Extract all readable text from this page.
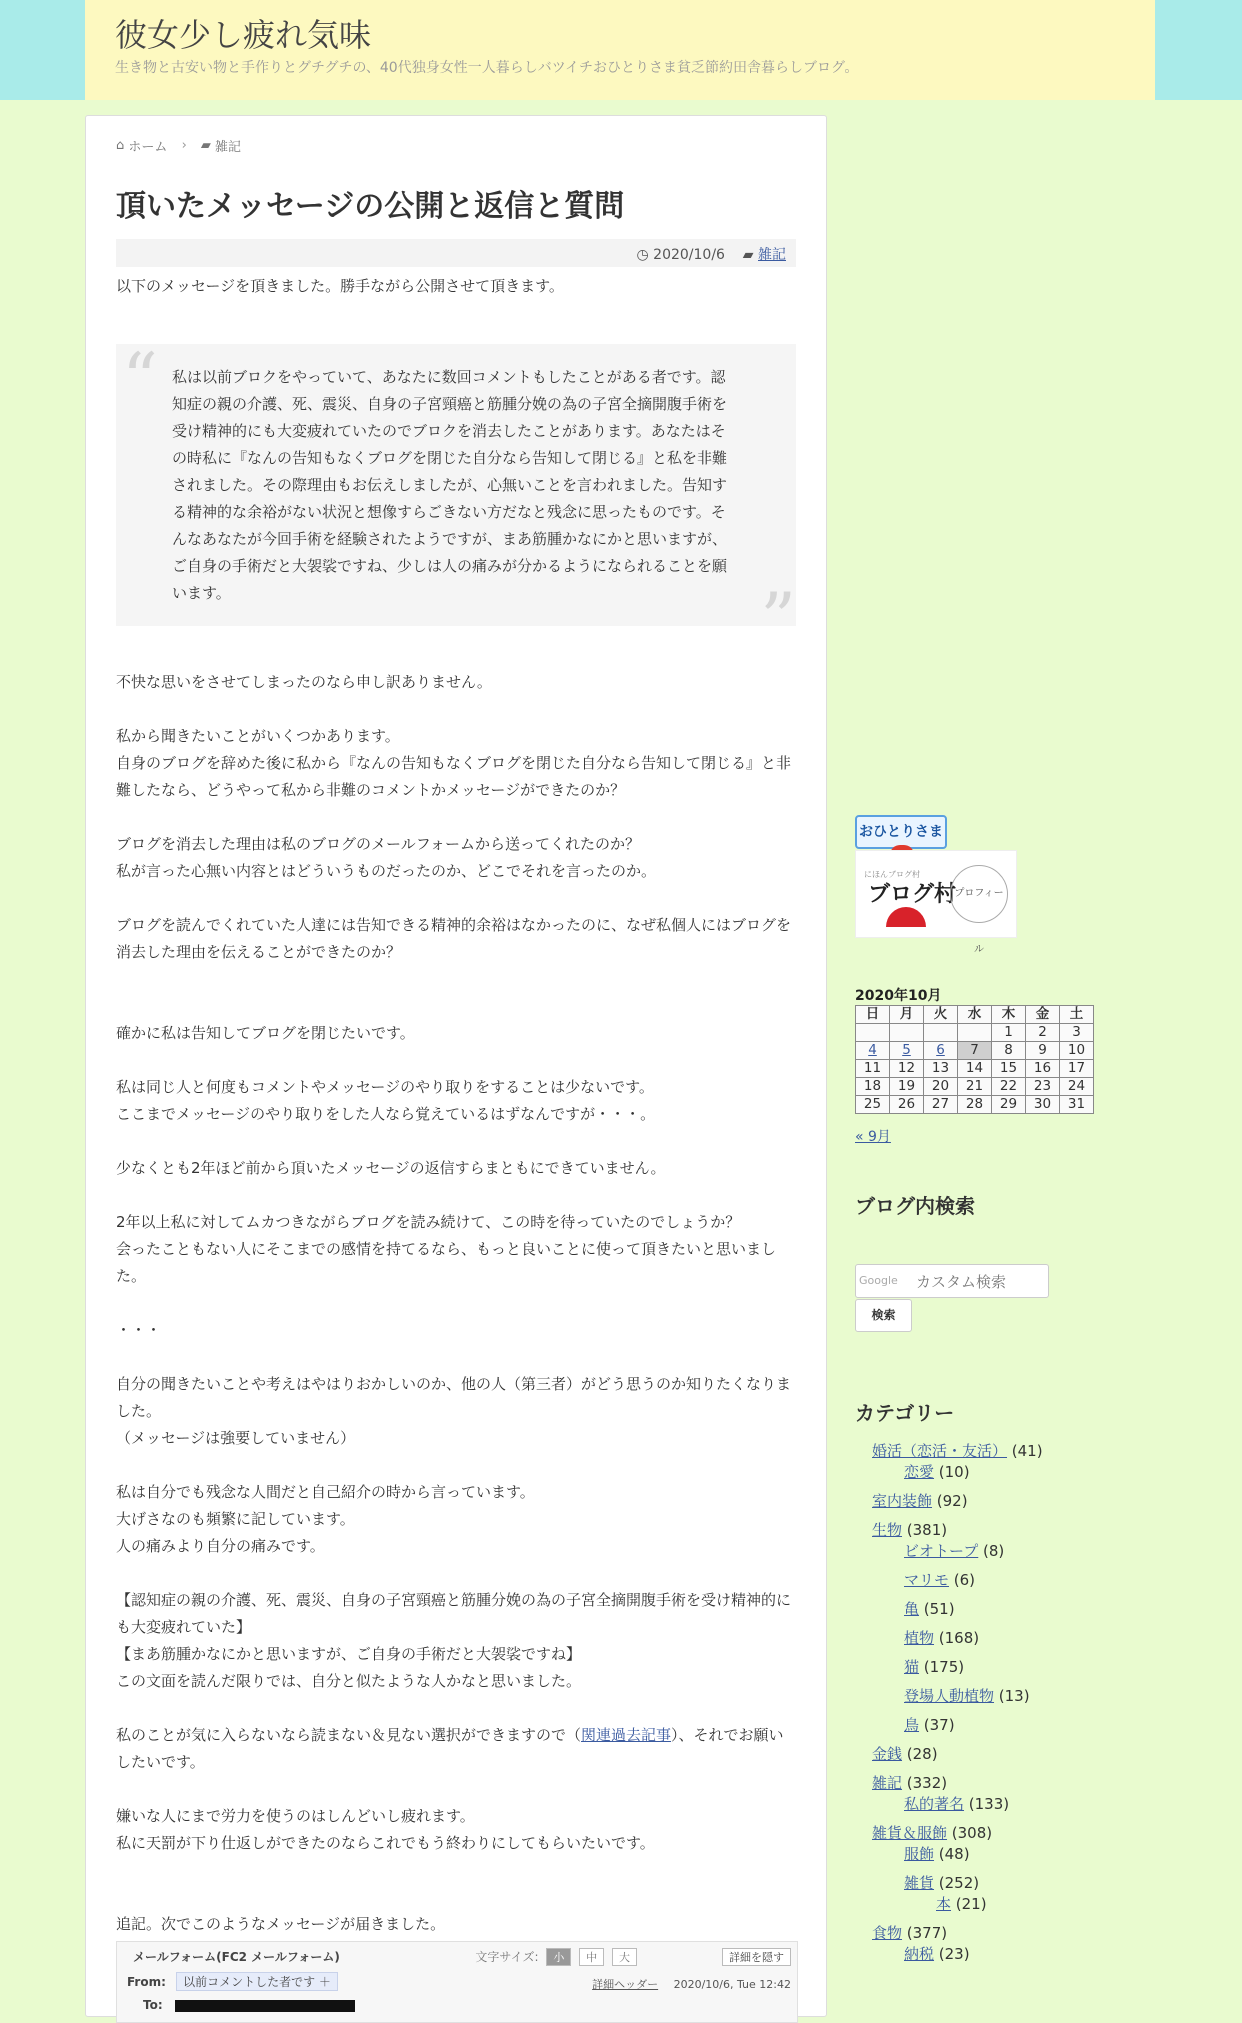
彼女少し疲れ気味
生き物と古安い物と手作りとグチグチの、40代独身女性一人暮らしバツイチおひとりさま貧乏節約田舎暮らしブログ。
⌂ ホーム › ▰ 雑記
頂いたメッセージの公開と返信と質問
◷ 2020/10/6 ▰ 雑記
以下のメッセージを頂きました。勝手ながら公開させて頂きます。
“ 私は以前ブロクをやっていて、あなたに数回コメントもしたことがある者です。認知症の親の介護、死、震災、自身の子宮頸癌と筋腫分娩の為の子宮全摘開腹手術を受け精神的にも大変疲れていたのでブロクを消去したことがあります。あなたはその時私に『なんの告知もなくブログを閉じた自分なら告知して閉じる』と私を非難されました。その際理由もお伝えしましたが、心無いことを言われました。告知する精神的な余裕がない状況と想像すらごきない方だなと残念に思ったものです。そんなあなたが今回手術を経験されたようですが、まあ筋腫かなにかと思いますが、ご自身の手術だと大袈裟ですね、少しは人の痛みが分かるようになられることを願います。	”
不快な思いをさせてしまったのなら申し訳ありません。
私から聞きたいことがいくつかあります。
自身のブログを辞めた後に私から『なんの告知もなくブログを閉じた自分なら告知して閉じる』と非難したなら、どうやって私から非難のコメントかメッセージができたのか？
ブログを消去した理由は私のブログのメールフォームから送ってくれたのか？
私が言った心無い内容とはどういうものだったのか、どこでそれを言ったのか。
ブログを読んでくれていた人達には告知できる精神的余裕はなかったのに、なぜ私個人にはブログを消去した理由を伝えることができたのか？
確かに私は告知してブログを閉じたいです。
私は同じ人と何度もコメントやメッセージのやり取りをすることは少ないです。
ここまでメッセージのやり取りをした人なら覚えているはずなんですが・・・。
少なくとも2年ほど前から頂いたメッセージの返信すらまともにできていません。
2年以上私に対してムカつきながらブログを読み続けて、この時を待っていたのでしょうか？
会ったこともない人にそこまでの感情を持てるなら、もっと良いことに使って頂きたいと思いました。
・・・
自分の聞きたいことや考えはやはりおかしいのか、他の人（第三者）がどう思うのか知りたくなりました。
（メッセージは強要していません）
私は自分でも残念な人間だと自己紹介の時から言っています。
大げさなのも頻繁に記しています。
人の痛みより自分の痛みです。
【認知症の親の介護、死、震災、自身の子宮頸癌と筋腫分娩の為の子宮全摘開腹手術を受け精神的にも大変疲れていた】
【まあ筋腫かなにかと思いますが、ご自身の手術だと大袈裟ですね】
この文面を読んだ限りでは、自分と似たような人かなと思いました。
私のことが気に入らないなら読まない＆見ない選択ができますので（関連過去記事）、それでお願いしたいです。
嫌いな人にまで労力を使うのはしんどいし疲れます。
私に天罰が下り仕返しができたのならこれでもう終わりにしてもらいたいです。
追記。次でこのようなメッセージが届きました。
メールフォーム(FC2 メールフォーム)	文字サイズ: 小 中 大	詳細を隠す
From: 以前コメントした者です ＋	詳細ヘッダー 2020/10/6, Tue 12:42
To:
おひとりさま
にほんブログ村
ブログ村
プロフィール
2020年10月
日	月	火	水	木	金	土
				1	2	3
4	5	6	7	8	9	10
11	12	13	14	15	16	17
18	19	20	21	22	23	24
25	26	27	28	29	30	31
« 9月
ブログ内検索
Google カスタム検索
検索
カテゴリー
婚活（恋活・友活） (41)
恋愛 (10)
室内装飾 (92)
生物 (381)
ビオトープ (8)
マリモ (6)
亀 (51)
植物 (168)
猫 (175)
登場人動植物 (13)
鳥 (37)
金銭 (28)
雑記 (332)
私的著名 (133)
雑貨＆服飾 (308)
服飾 (48)
雑貨 (252)
本 (21)
食物 (377)
納税 (23)
